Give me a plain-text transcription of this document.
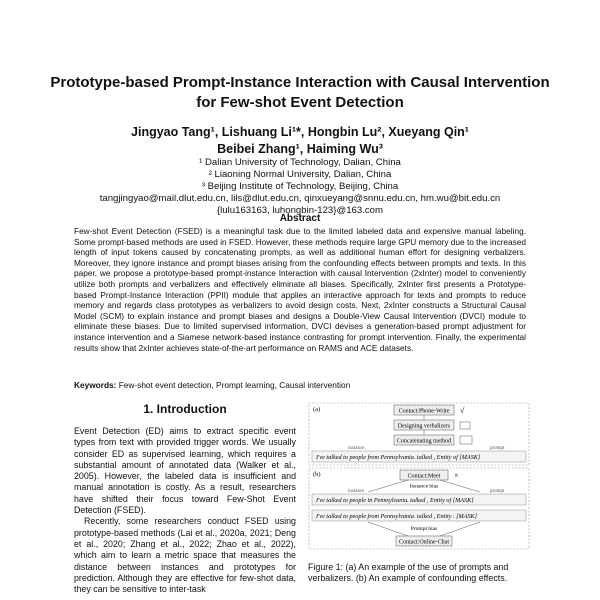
Prototype-based Prompt-Instance Interaction with Causal Intervention for Few-shot Event Detection
Jingyao Tang¹, Lishuang Li¹*, Hongbin Lu², Xueyang Qin¹
Beibei Zhang¹, Haiming Wu³
¹ Dalian University of Technology, Dalian, China
² Liaoning Normal University, Dalian, China
³ Beijing Institute of Technology, Beijing, China
tangjingyao@mail.dlut.edu.cn, lils@dlut.edu.cn, qinxueyang@snnu.edu.cn, hm.wu@bit.edu.cn
{lulu163163, luhongbin-123}@163.com
Abstract
Few-shot Event Detection (FSED) is a meaningful task due to the limited labeled data and expensive manual labeling. Some prompt-based methods are used in FSED. However, these methods require large GPU memory due to the increased length of input tokens caused by concatenating prompts, as well as additional human effort for designing verbalizers. Moreover, they ignore instance and prompt biases arising from the confounding effects between prompts and texts. In this paper, we propose a prototype-based prompt-instance Interaction with causal Intervention (2xInter) model to conveniently utilize both prompts and verbalizers and effectively eliminate all biases. Specifically, 2xInter first presents a Prototype-based Prompt-Instance Interaction (PPII) module that applies an interactive approach for texts and prompts to reduce memory and regards class prototypes as verbalizers to avoid design costs. Next, 2xInter constructs a Structural Causal Model (SCM) to explain instance and prompt biases and designs a Double-View Causal Intervention (DVCI) module to eliminate these biases. Due to limited supervised information, DVCI devises a generation-based prompt adjustment for instance intervention and a Siamese network-based instance contrasting for prompt intervention. Finally, the experimental results show that 2xInter achieves state-of-the-art performance on RAMS and ACE datasets.
Keywords: Few-shot event detection, Prompt learning, Causal intervention
1. Introduction

Event Detection (ED) aims to extract specific event types from text with provided trigger words. We usually consider ED as supervised learning, which requires a substantial amount of annotated data (Walker et al., 2005). However, the labeled data is insufficient and manual annotation is costly. As a result, researchers have shifted their focus toward Few-Shot Event Detection (FSED).

Recently, some researchers conduct FSED using prototype-based methods (Lai et al., 2020a, 2021; Deng et al., 2020; Zhang et al., 2022; Zhao et al., 2022), which aim to learn a metric space that measures the distance between instances and prototypes for prediction. Although they are effective for few-shot data, they can be sensitive to inter-task

(a)	Contact:Phone-Write √
Designing verbalizers
Concatenating method
instance	prompt
I've talked to people from Pennsylvania. talked , Entity of [MASK]
(b)	Contact:Meet ×
Instance bias
instance	prompt
I've talked to people in Pennsylvania. talked , Entity of [MASK]
I've talked to people from Pennsylvania. talked , Entity . [MASK]
Prompt bias
Contact:Online-Chat
Figure 1: (a) An example of the use of prompts and verbalizers. (b) An example of confounding effects.
